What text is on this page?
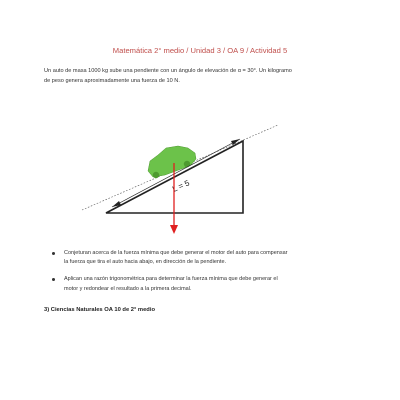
Matemática 2° medio / Unidad 3 / OA 9 / Actividad 5
Un auto de masa 1000 kg sube una pendiente con un ángulo de elevación de α = 30°. Un kilogramo
de peso genera aproximadamente una fuerza de 10 N.
L = 5
Conjeturan acerca de la fuerza mínima que debe generar el motor del auto para compensar
la fuerza que tira el auto hacia abajo, en dirección de la pendiente.
Aplican una razón trigonométrica para determinar la fuerza mínima que debe generar el
motor y redondear el resultado a la primera decimal.
3) Ciencias Naturales OA 10 de 2° medio
